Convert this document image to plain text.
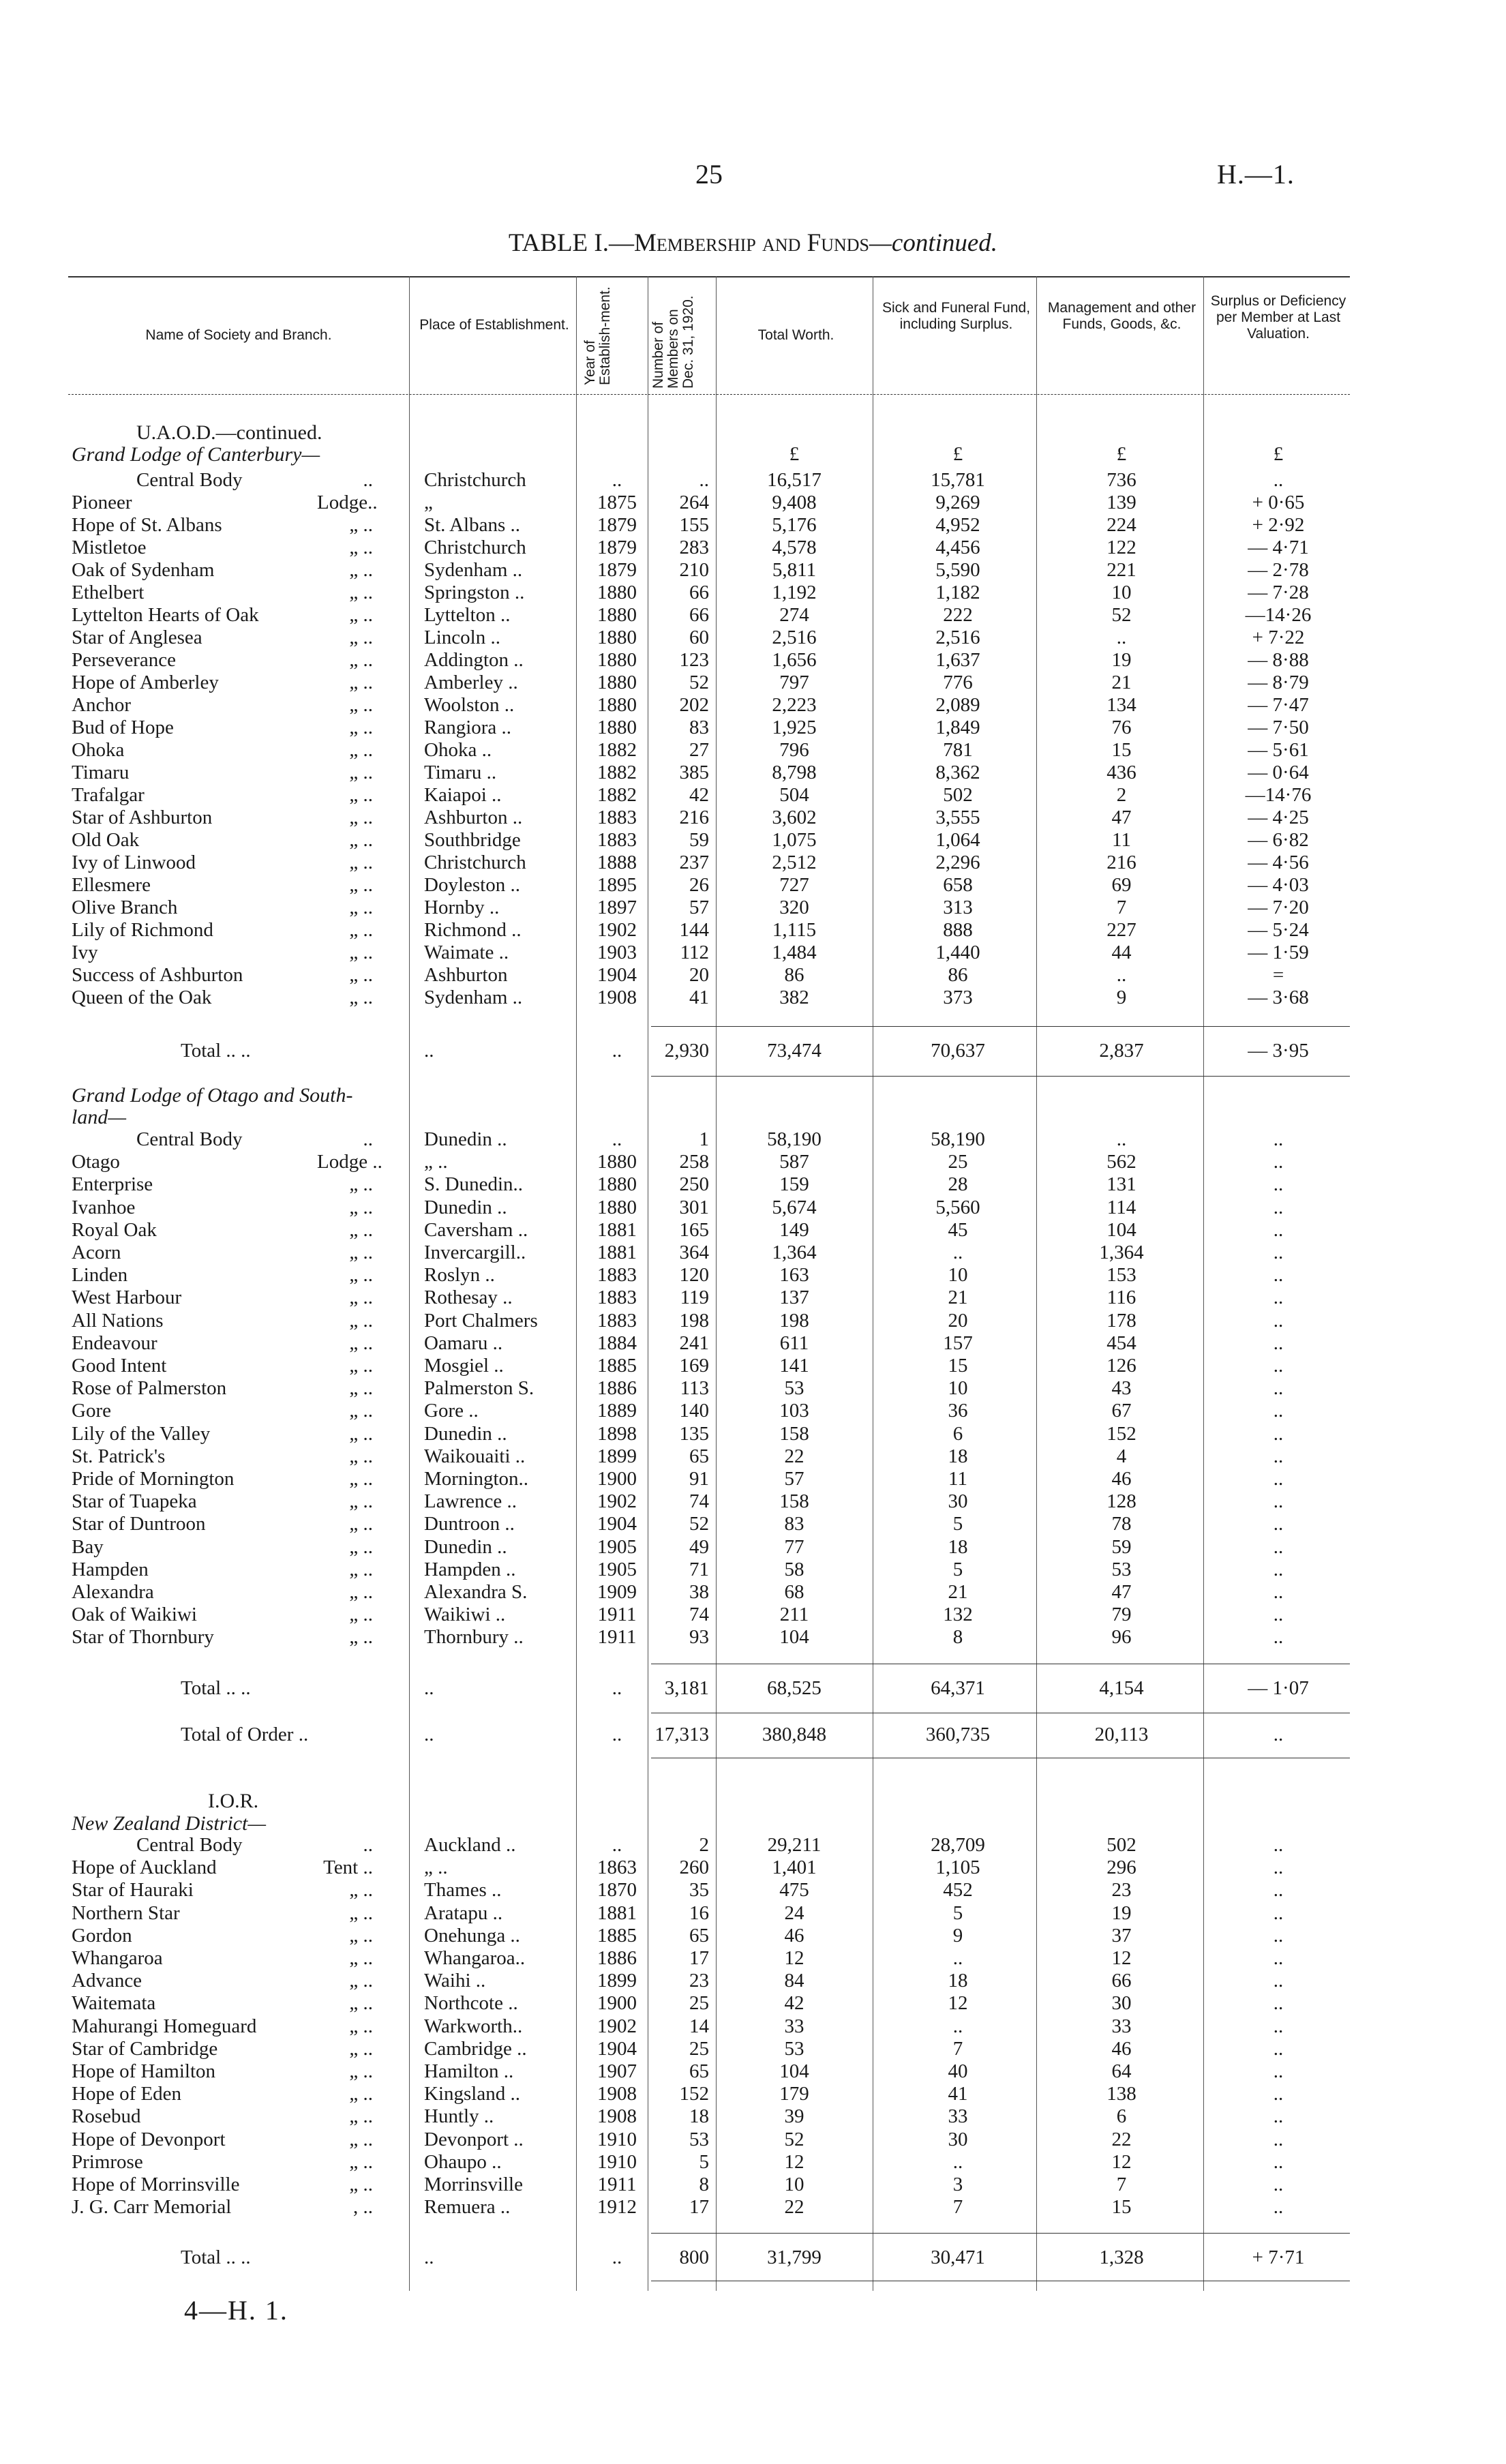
25	H.—1.
TABLE I.—Membership and Funds—continued.
Name of Society and Branch.
Place of Establishment.
Year of Establish-ment.	Number of Members on Dec. 31, 1920.	Total Worth.
Sick and Funeral Fund, including Surplus.
Management and other Funds, Goods, &c.
Surplus or Deficiency per Member at Last Valuation.
U.A.O.D.—continued.
Grand Lodge of Canterbury—	£	£	£	£
Central Body	..	Christchurch	..	..	16,517	15,781	736	..
Pioneer	Lodge.. „	1875	264	9,408	9,269	139	+ 0·65
Hope of St. Albans	„ ..	St. Albans ..	1879	155	5,176	4,952	224	+ 2·92
Mistletoe	„ ..	Christchurch	1879	283	4,578	4,456	122	— 4·71
Oak of Sydenham	„ ..	Sydenham ..	1879	210	5,811	5,590	221	— 2·78
Ethelbert	„ ..	Springston ..	1880	66	1,192	1,182	10	— 7·28
Lyttelton Hearts of Oak	„ ..	Lyttelton ..	1880	66	274	222	52	—14·26
Star of Anglesea	„ ..	Lincoln ..	1880	60	2,516	2,516	..	+ 7·22
Perseverance	„ ..	Addington ..	1880	123	1,656	1,637	19	— 8·88
Hope of Amberley	„ ..	Amberley ..	1880	52	797	776	21	— 8·79
Anchor	„ ..	Woolston ..	1880	202	2,223	2,089	134	— 7·47
Bud of Hope	„ ..	Rangiora ..	1880	83	1,925	1,849	76	— 7·50
Ohoka	„ ..	Ohoka ..	1882	27	796	781	15	— 5·61
Timaru	„ ..	Timaru ..	1882	385	8,798	8,362	436	— 0·64
Trafalgar	„ ..	Kaiapoi ..	1882	42	504	502	2	—14·76
Star of Ashburton	„ ..	Ashburton ..	1883	216	3,602	3,555	47	— 4·25
Old Oak	„ ..	Southbridge	1883	59	1,075	1,064	11	— 6·82
Ivy of Linwood	„ ..	Christchurch	1888	237	2,512	2,296	216	— 4·56
Ellesmere	„ ..	Doyleston ..	1895	26	727	658	69	— 4·03
Olive Branch	„ ..	Hornby ..	1897	57	320	313	7	— 7·20
Lily of Richmond	„ ..	Richmond ..	1902	144	1,115	888	227	— 5·24
Ivy	„ ..	Waimate ..	1903	112	1,484	1,440	44	— 1·59
Success of Ashburton	„ ..	Ashburton	1904	20	86	86	..	=
Queen of the Oak	„ ..	Sydenham ..	1908	41	382	373	9	— 3·68
Total .. ..	..	..	2,930	73,474	70,637	2,837	— 3·95
Grand Lodge of Otago and South-
land—
Central Body	..	Dunedin ..	..	1	58,190	58,190	..	..
Otago	Lodge .. „ ..	1880	258	587	25	562	..
Enterprise	„ ..	S. Dunedin..	1880	250	159	28	131	..
Ivanhoe	„ ..	Dunedin ..	1880	301	5,674	5,560	114	..
Royal Oak	„ ..	Caversham ..	1881	165	149	45	104	..
Acorn	„ ..	Invercargill..	1881	364	1,364	..	1,364	..
Linden	„ ..	Roslyn ..	1883	120	163	10	153	..
West Harbour	„ ..	Rothesay ..	1883	119	137	21	116	..
All Nations	„ ..	Port Chalmers	1883	198	198	20	178	..
Endeavour	„ ..	Oamaru ..	1884	241	611	157	454	..
Good Intent	„ ..	Mosgiel ..	1885	169	141	15	126	..
Rose of Palmerston	„ ..	Palmerston S.	1886	113	53	10	43	..
Gore	„ ..	Gore ..	1889	140	103	36	67	..
Lily of the Valley	„ ..	Dunedin ..	1898	135	158	6	152	..
St. Patrick's	„ ..	Waikouaiti ..	1899	65	22	18	4	..
Pride of Mornington	„ ..	Mornington..	1900	91	57	11	46	..
Star of Tuapeka	„ ..	Lawrence ..	1902	74	158	30	128	..
Star of Duntroon	„ ..	Duntroon ..	1904	52	83	5	78	..
Bay	„ ..	Dunedin ..	1905	49	77	18	59	..
Hampden	„ ..	Hampden ..	1905	71	58	5	53	..
Alexandra	„ ..	Alexandra S.	1909	38	68	21	47	..
Oak of Waikiwi	„ ..	Waikiwi ..	1911	74	211	132	79	..
Star of Thornbury	„ ..	Thornbury ..	1911	93	104	8	96	..
Total .. ..	..	..	3,181	68,525	64,371	4,154	— 1·07
Total of Order ..	..	..	17,313	380,848	360,735	20,113	..
I.O.R.
New Zealand District—
Central Body	..	Auckland ..	..	2	29,211	28,709	502	..
Hope of Auckland	Tent ..	„ ..	1863	260	1,401	1,105	296	..
Star of Hauraki	„ ..	Thames ..	1870	35	475	452	23	..
Northern Star	„ ..	Aratapu ..	1881	16	24	5	19	..
Gordon	„ ..	Onehunga ..	1885	65	46	9	37	..
Whangaroa	„ ..	Whangaroa..	1886	17	12	..	12	..
Advance	„ ..	Waihi ..	1899	23	84	18	66	..
Waitemata	„ ..	Northcote ..	1900	25	42	12	30	..
Mahurangi Homeguard	„ ..	Warkworth..	1902	14	33	..	33	..
Star of Cambridge	„ ..	Cambridge ..	1904	25	53	7	46	..
Hope of Hamilton	„ ..	Hamilton ..	1907	65	104	40	64	..
Hope of Eden	„ ..	Kingsland ..	1908	152	179	41	138	..
Rosebud	„ ..	Huntly ..	1908	18	39	33	6	..
Hope of Devonport	„ ..	Devonport ..	1910	53	52	30	22	..
Primrose	„ ..	Ohaupo ..	1910	5	12	..	12	..
Hope of Morrinsville	„ ..	Morrinsville	1911	8	10	3	7	..
J. G. Carr Memorial	, ..	Remuera ..	1912	17	22	7	15	..
Total .. ..	..	..	800	31,799	30,471	1,328	+ 7·71
4—H. 1.
